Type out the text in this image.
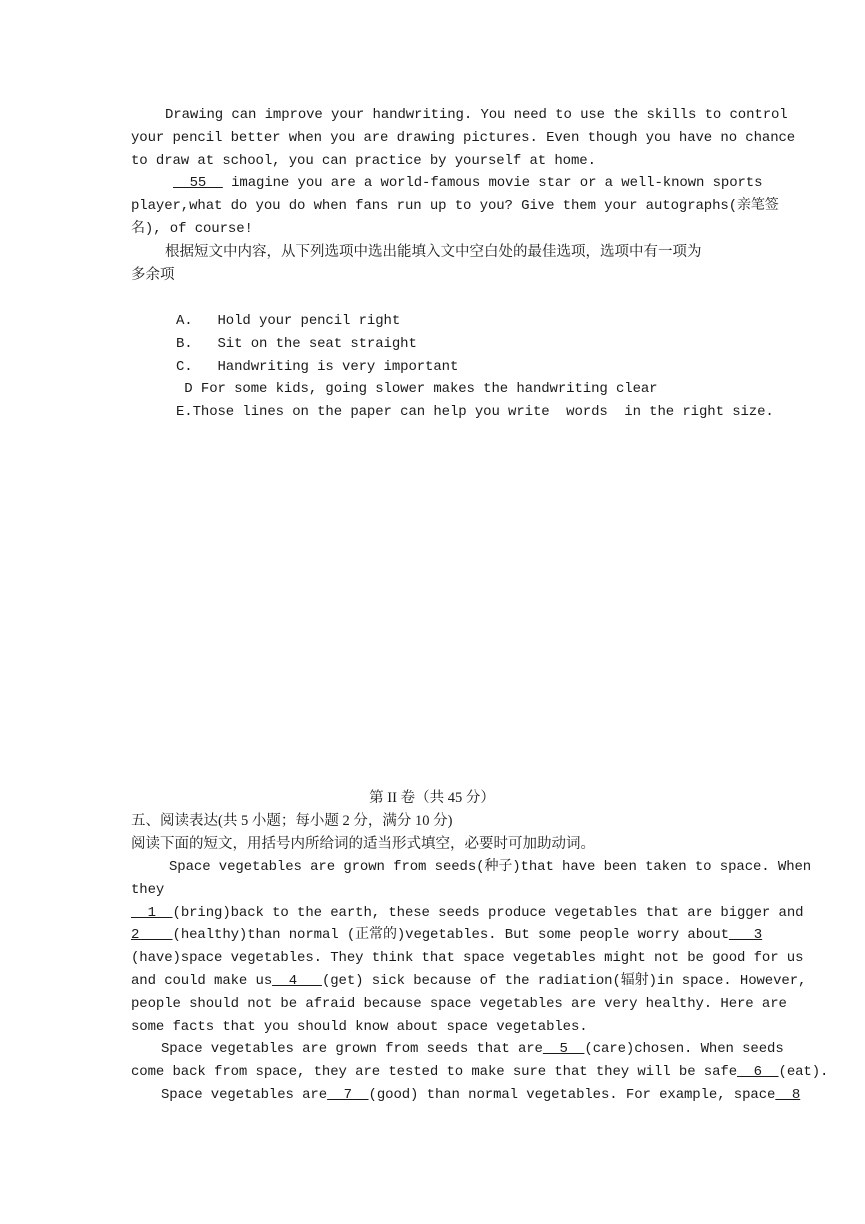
Drawing can improve your handwriting. You need to use the skills to control
your pencil better when you are drawing pictures. Even though you have no chance
to draw at school, you can practice by yourself at home.
55   imagine you are a world-famous movie star or a well-known sports
player,what do you do when fans run up to you? Give them your autographs(亲笔签
名), of course!
根据短文中内容，从下列选项中选出能填入文中空白处的最佳选项，选项中有一项为
多余项
A.   Hold your pencil right
B.   Sit on the seat straight
C.   Handwriting is very important
D For some kids, going slower makes the handwriting clear
E.Those lines on the paper can help you write  words  in the right size.
第 II 卷（共 45 分）
五、阅读表达(共 5 小题；每小题 2 分，满分 10 分)
阅读下面的短文，用括号内所给词的适当形式填空，必要时可加助动词。
Space vegetables are grown from seeds(种子)that have been taken to space. When
they
1  (bring)back to the earth, these seeds produce vegetables that are bigger and
2    (healthy)than normal (正常的)vegetables. But some people worry about   3
(have)space vegetables. They think that space vegetables might not be good for us
and could make us  4   (get) sick because of the radiation(辐射)in space. However,
people should not be afraid because space vegetables are very healthy. Here are
some facts that you should know about space vegetables.
Space vegetables are grown from seeds that are  5  (care)chosen. When seeds
come back from space, they are tested to make sure that they will be safe  6  (eat).
Space vegetables are  7  (good) than normal vegetables. For example, space  8
